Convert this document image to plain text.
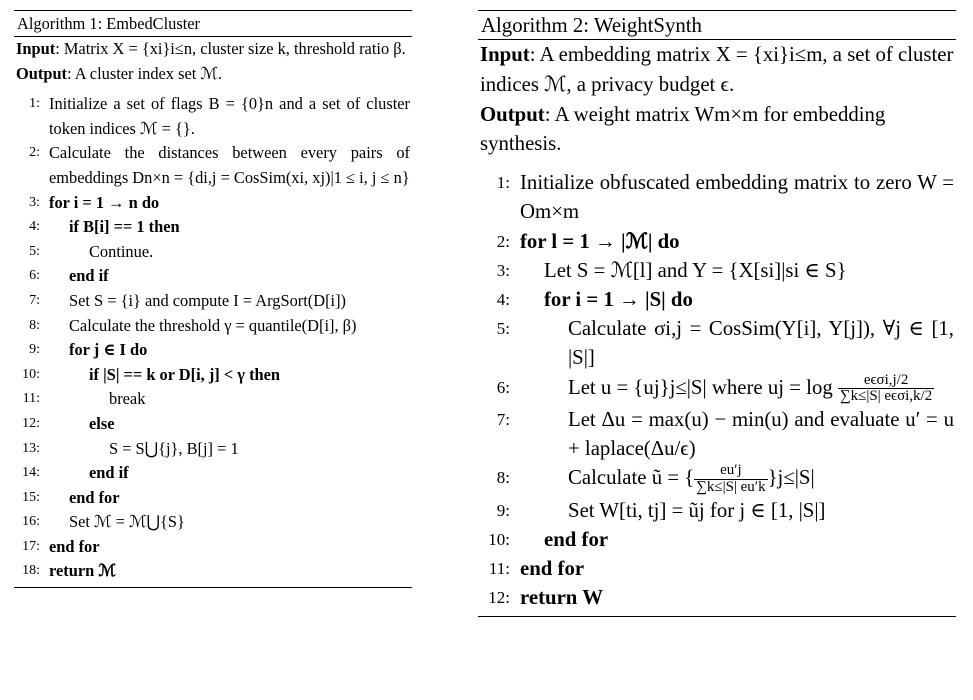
Algorithm 1: EmbedCluster
Input: Matrix X = {xi}i≤n, cluster size k, threshold ratio β.
Output: A cluster index set ℳ.
1: Initialize a set of flags B = {0}n and a set of cluster token indices ℳ = {}.
2: Calculate the distances between every pairs of embeddings Dn×n = {di,j = CosSim(xi, xj)|1 ≤ i, j ≤ n}
3: for i = 1 → n do
4:	if B[i] == 1 then
5:	Continue.
6:	end if
7:	Set S = {i} and compute I = ArgSort(D[i])
8:	Calculate the threshold γ = quantile(D[i], β)
9:	for j ∈ I do
10:	if |S| == k or D[i, j] < γ then
11:	break
12:	else
13:	S = S⋃{j}, B[j] = 1
14:	end if
15:	end for
16:	Set ℳ = ℳ⋃{S}
17: end for
18: return ℳ
Algorithm 2: WeightSynth
Input: A embedding matrix X = {xi}i≤m, a set of cluster indices ℳ, a privacy budget ϵ.
Output: A weight matrix Wm×m for embedding synthesis.
1: Initialize obfuscated embedding matrix to zero W = Om×m
2: for l = 1 → |ℳ| do
3:	Let S = ℳ[l] and Y = {X[si]|si ∈ S}
4:	for i = 1 → |S| do
5:	Calculate σi,j = CosSim(Y[i], Y[j]), ∀j ∈ [1, |S|]
6:	Let u = {uj}j≤|S| where uj = $\log \frac{\text{eϵσi,j/2}}{\text{∑k≤|S| eϵσi,k/2}}$
7:	Let Δu = max(u) − min(u) and evaluate u′ = u + laplace(Δu/ϵ)
8:	Calculate ũ = { $\frac{eu'j}{\sum k\le|S| eu'k} \}j\le|S|$
9:	Set W[ti, tj] = ũj for j ∈ [1, |S|]
10:	end for
11: end for
12: return W
